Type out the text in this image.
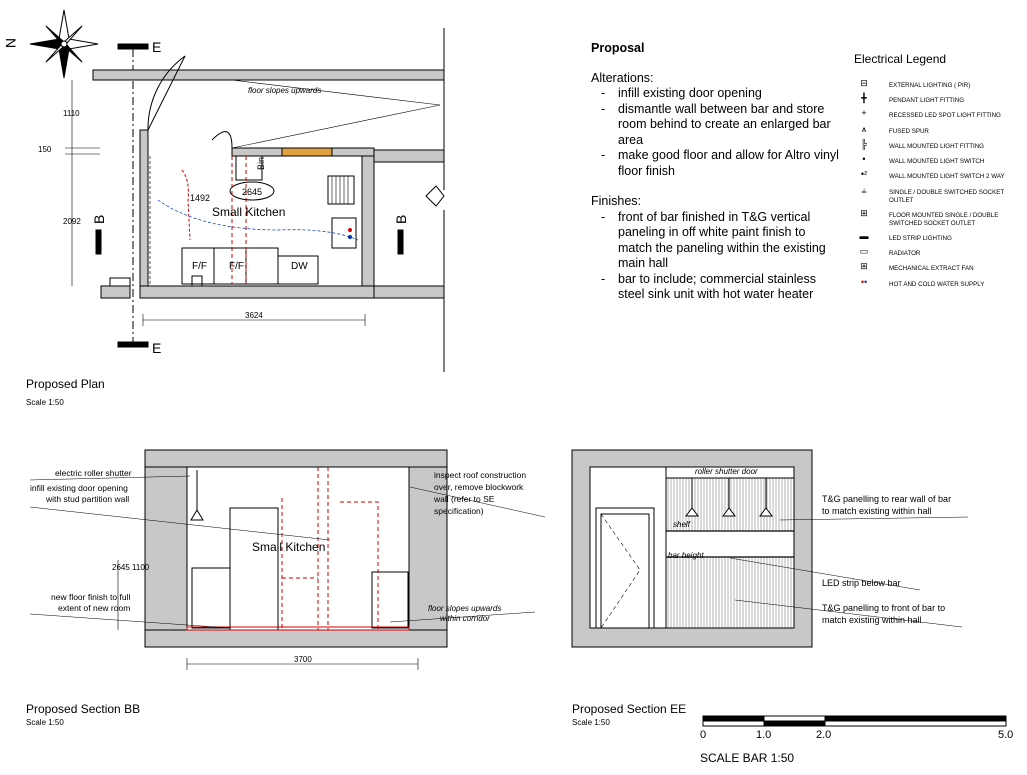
N	E
E
floor slopes upwards
1110
150
2092
3624
Bin
Small Kitchen
1492
2645
F/F F/F	DW
B	B
2645 1100
3700
Small Kitchen
electric roller shutter
infill existing door opening
with stud partition wall
new floor finish to full
extent of new room
inspect roof construction
over, remove blockwork
wall (refer to SE
specification)
floor slopes upwards
within corridor
roller shutter door
shelf
bar height
T&G panelling to rear wall of bar
to match existing within hall
LED strip below bar
T&G panelling to front of bar to
match existing within hall
Proposed Plan
Scale 1:50
Proposed Section BB
Scale 1:50
Proposed Section EE
Scale 1:50
0	1.0	2.0	5.0
SCALE BAR 1:50
Proposal
Alterations:
- infill existing door opening
- dismantle wall between bar and store room behind to create an enlarged bar area
- make good floor and allow for Altro vinyl floor finish
Finishes:
- front of bar finished in T&G vertical paneling in off white paint finish to match the paneling within the existing main hall
- bar to include; commercial stainless steel sink unit with hot water heater
Electrical Legend
⊟	EXTERNAL LIGHTING ( PIR)
╋	PENDANT LIGHT FITTING
+	RECESSED LED SPOT LIGHT FITTING
⩚	FUSED SPUR
╠	WALL MOUNTED LIGHT FITTING
•	WALL MOUNTED LIGHT SWITCH
•²	WALL MOUNTED LIGHT SWITCH 2 WAY
⫨	SINGLE / DOUBLE SWITCHED SOCKET OUTLET
⊞	FLOOR MOUNTED SINGLE / DOUBLE SWITCHED SOCKET OUTLET
▬	LED STRIP LIGHTING
▭	RADIATOR
⊞	MECHANICAL EXTRACT FAN
••	HOT AND COLD WATER SUPPLY
